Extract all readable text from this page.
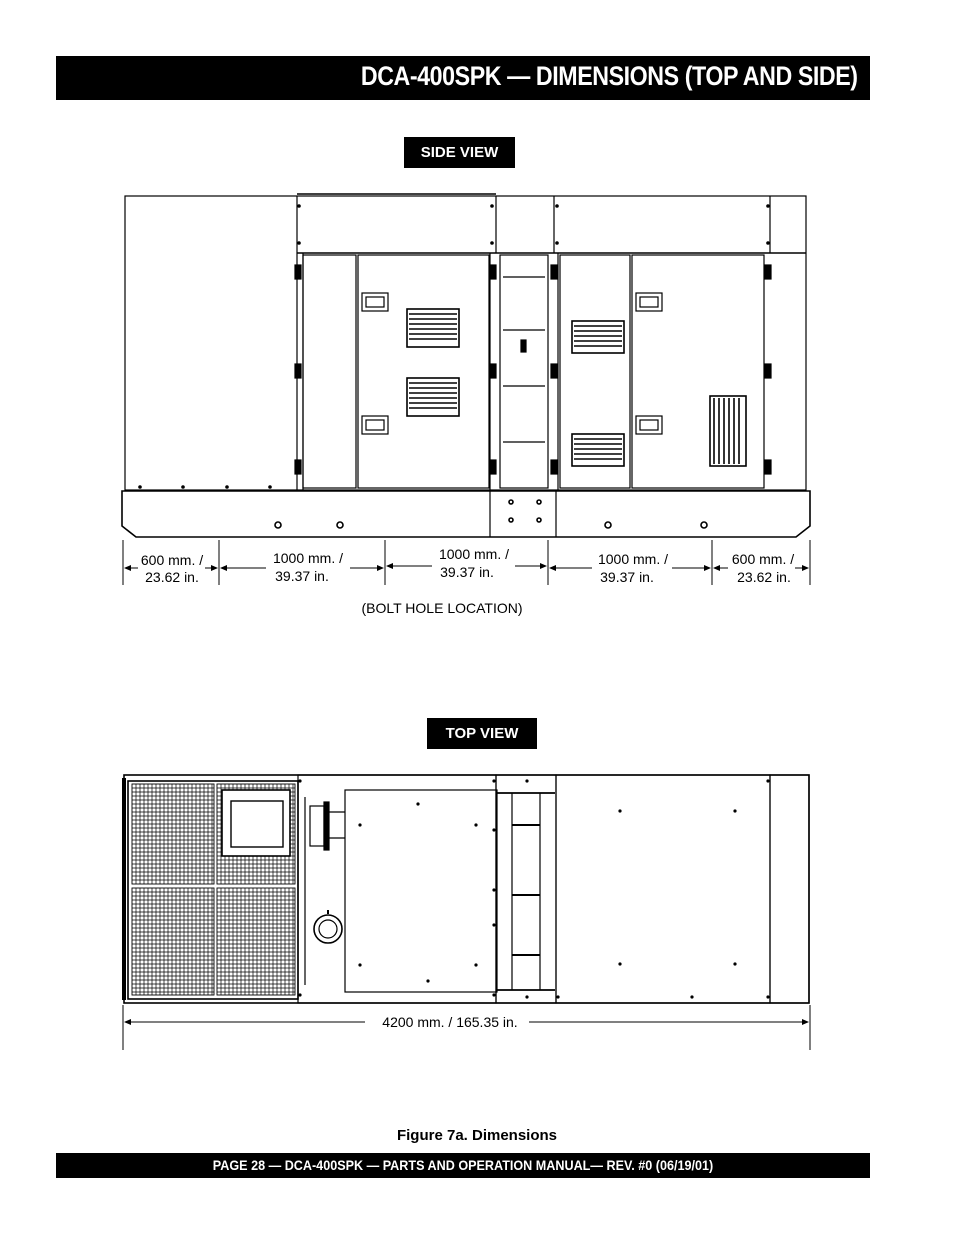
DCA-400SPK — DIMENSIONS (TOP AND SIDE)
SIDE VIEW
TOP VIEW
600 mm. /
23.62 in.
1000 mm. /
39.37 in.
1000 mm. /
39.37 in.
1000 mm. /
39.37 in.
600 mm. /
23.62 in.
(BOLT HOLE LOCATION)
4200 mm. / 165.35 in.
Figure 7a. Dimensions
PAGE 28 — DCA-400SPK — PARTS AND OPERATION MANUAL— REV. #0 (06/19/01)
